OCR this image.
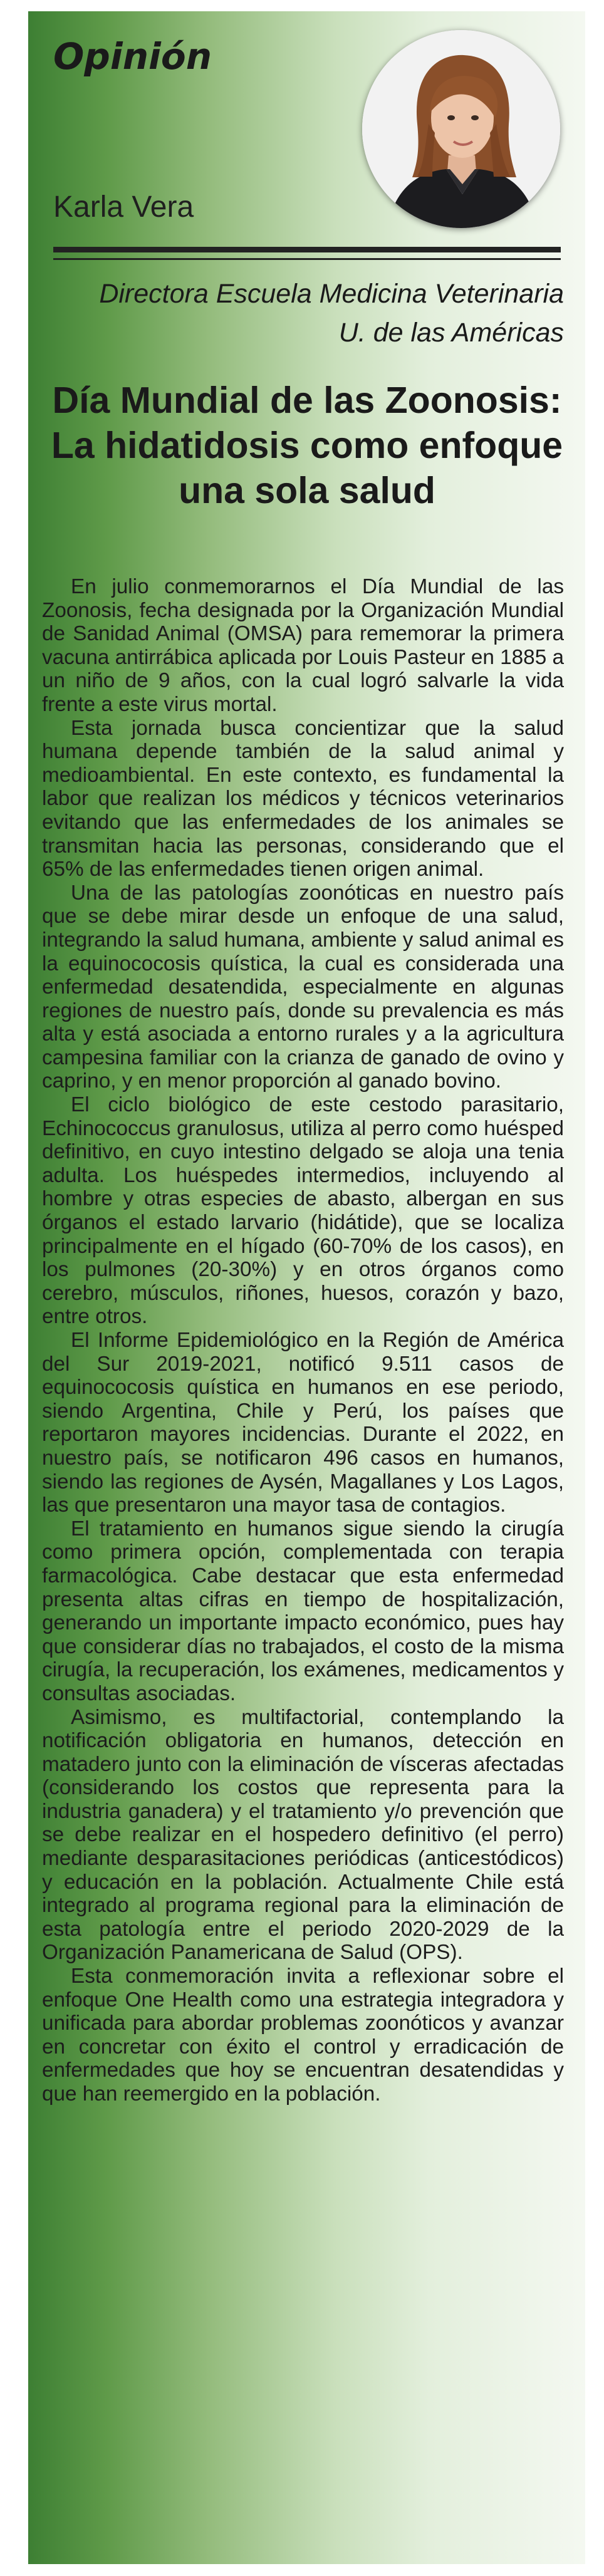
Opinión
Karla Vera

Directora Escuela Medicina Veterinaria U. de las Américas

Día Mundial de las Zoonosis: La hidatidosis como enfoque una sola salud

En julio conmemorarnos el Día Mundial de las Zoonosis, fecha designada por la Organización Mundial de Sanidad Animal (OMSA) para rememorar la primera vacuna antirrábica aplicada por Louis Pasteur en 1885 a un niño de 9 años, con la cual logró salvarle la vida frente a este virus mortal.

Esta jornada busca concientizar que la salud humana depende también de la salud animal y medioambiental. En este contexto, es fundamental la labor que realizan los médicos y técnicos veterinarios evitando que las enfermedades de los animales se transmitan hacia las personas, considerando que el 65% de las enfermedades tienen origen animal.

Una de las patologías zoonóticas en nuestro país que se debe mirar desde un enfoque de una salud, integrando la salud humana, ambiente y salud animal es la equinococosis quística, la cual es considerada una enfermedad desatendida, especialmente en algunas regiones de nuestro país, donde su prevalencia es más alta y está asociada a entorno rurales y a la agricultura campesina familiar con la crianza de ganado de ovino y caprino, y en menor proporción al ganado bovino.

El ciclo biológico de este cestodo parasitario, Echinococcus granulosus, utiliza al perro como huésped definitivo, en cuyo intestino delgado se aloja una tenia adulta. Los huéspedes intermedios, incluyendo al hombre y otras especies de abasto, albergan en sus órganos el estado larvario (hidátide), que se localiza principalmente en el hígado (60-70% de los casos), en los pulmones (20-30%) y en otros órganos como cerebro, músculos, riñones, huesos, corazón y bazo, entre otros.

El Informe Epidemiológico en la Región de América del Sur 2019-2021, notificó 9.511 casos de equinococosis quística en humanos en ese periodo, siendo Argentina, Chile y Perú, los países que reportaron mayores incidencias. Durante el 2022, en nuestro país, se notificaron 496 casos en humanos, siendo las regiones de Aysén, Magallanes y Los Lagos, las que presentaron una mayor tasa de contagios.

El tratamiento en humanos sigue siendo la cirugía como primera opción, complementada con terapia farmacológica. Cabe destacar que esta enfermedad presenta altas cifras en tiempo de hospitalización, generando un importante impacto económico, pues hay que considerar días no trabajados, el costo de la misma cirugía, la recuperación, los exámenes, medicamentos y consultas asociadas.

Asimismo, es multifactorial, contemplando la notificación obligatoria en humanos, detección en matadero junto con la eliminación de vísceras afectadas (considerando los costos que representa para la industria ganadera) y el tratamiento y/o prevención que se debe realizar en el hospedero definitivo (el perro) mediante desparasitaciones periódicas (anticestódicos) y educación en la población. Actualmente Chile está integrado al programa regional para la eliminación de esta patología entre el periodo 2020-2029 de la Organización Panamericana de Salud (OPS).

Esta conmemoración invita a reflexionar sobre el enfoque One Health como una estrategia integradora y unificada para abordar problemas zoonóticos y avanzar en concretar con éxito el control y erradicación de enfermedades que hoy se encuentran desatendidas y que han reemergido en la población.
